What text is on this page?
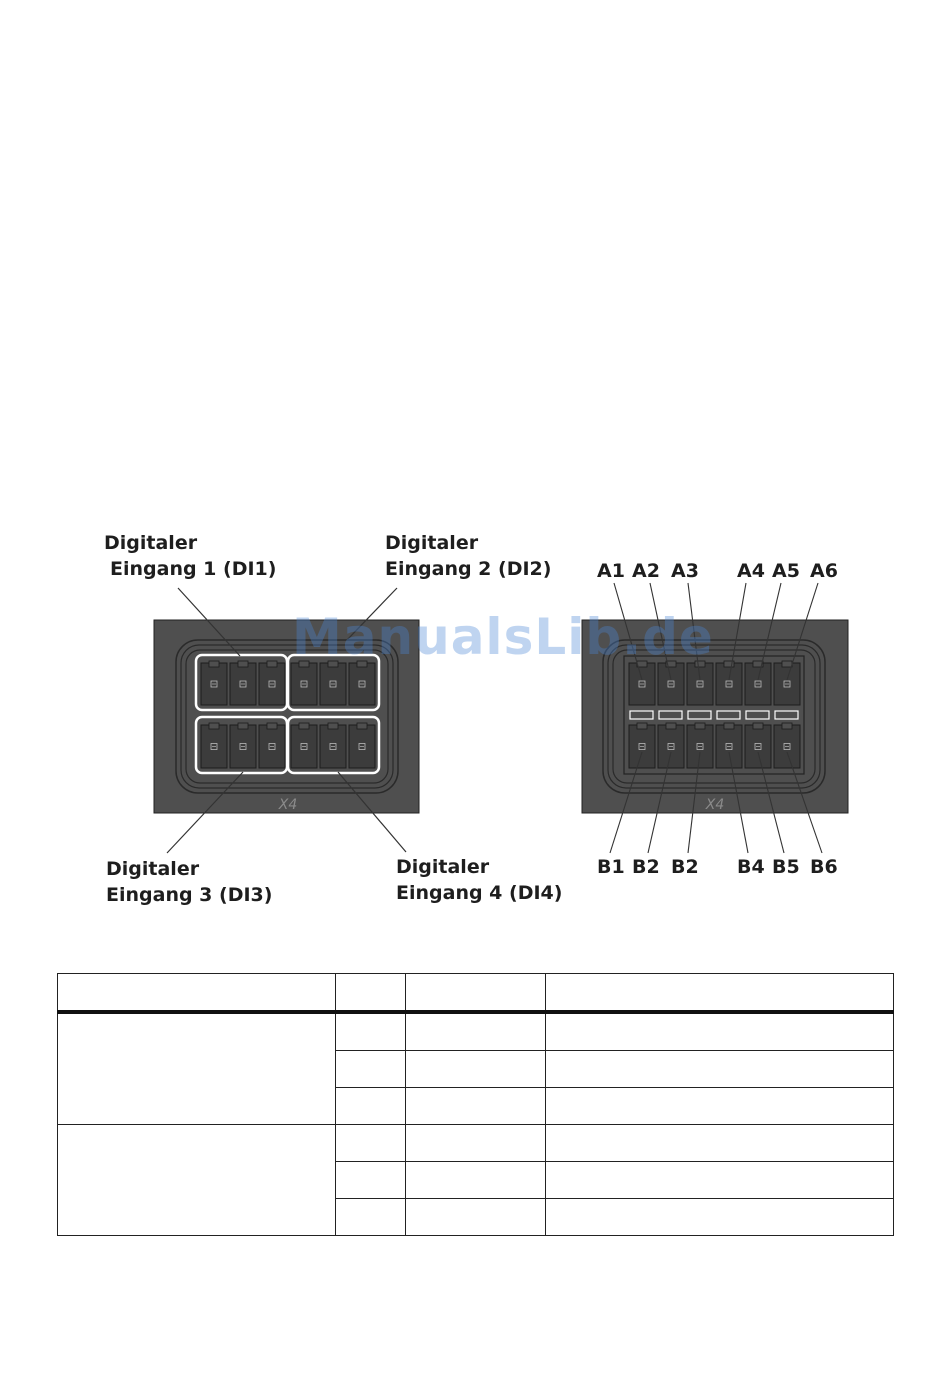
Digitaler
Eingang 1 (DI1)
Digitaler
Eingang 2 (DI2)
Digitaler
Eingang 3 (DI3)
Digitaler
Eingang 4 (DI4)
A1 A2 A3 A4 A5 A6
B1 B2 B2 B4 B5 B6
X4	X4
ManualsLib.de
